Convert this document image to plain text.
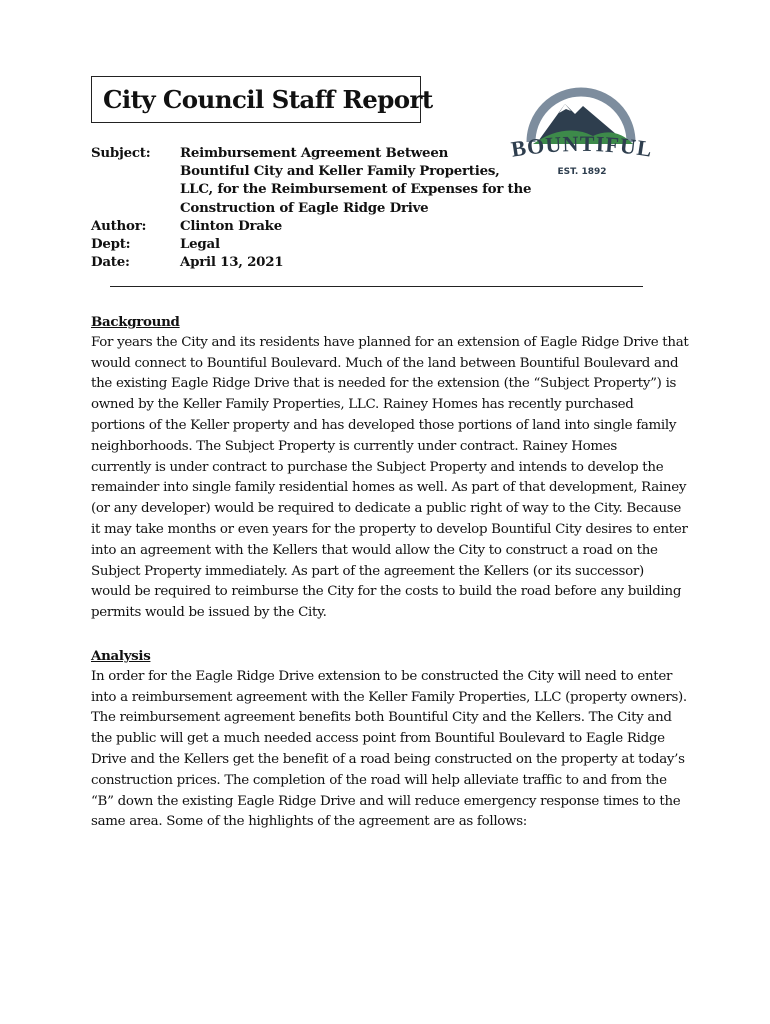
City Council Staff Report
BOUNTIFUL
EST. 1892
Subject:	Reimbursement Agreement Between
Bountiful City and Keller Family Properties,
LLC, for the Reimbursement of Expenses for the
Construction of Eagle Ridge Drive
Author:	Clinton Drake
Dept:	Legal
Date:	April 13, 2021
Background
For years the City and its residents have planned for an extension of Eagle Ridge Drive that
would connect to Bountiful Boulevard. Much of the land between Bountiful Boulevard and
the existing Eagle Ridge Drive that is needed for the extension (the “Subject Property”) is
owned by the Keller Family Properties, LLC. Rainey Homes has recently purchased
portions of the Keller property and has developed those portions of land into single family
neighborhoods. The Subject Property is currently under contract. Rainey Homes
currently is under contract to purchase the Subject Property and intends to develop the
remainder into single family residential homes as well. As part of that development, Rainey
(or any developer) would be required to dedicate a public right of way to the City. Because
it may take months or even years for the property to develop Bountiful City desires to enter
into an agreement with the Kellers that would allow the City to construct a road on the
Subject Property immediately. As part of the agreement the Kellers (or its successor)
would be required to reimburse the City for the costs to build the road before any building
permits would be issued by the City.
Analysis
In order for the Eagle Ridge Drive extension to be constructed the City will need to enter
into a reimbursement agreement with the Keller Family Properties, LLC (property owners).
The reimbursement agreement benefits both Bountiful City and the Kellers. The City and
the public will get a much needed access point from Bountiful Boulevard to Eagle Ridge
Drive and the Kellers get the benefit of a road being constructed on the property at today’s
construction prices. The completion of the road will help alleviate traffic to and from the
“B” down the existing Eagle Ridge Drive and will reduce emergency response times to the
same area. Some of the highlights of the agreement are as follows:
